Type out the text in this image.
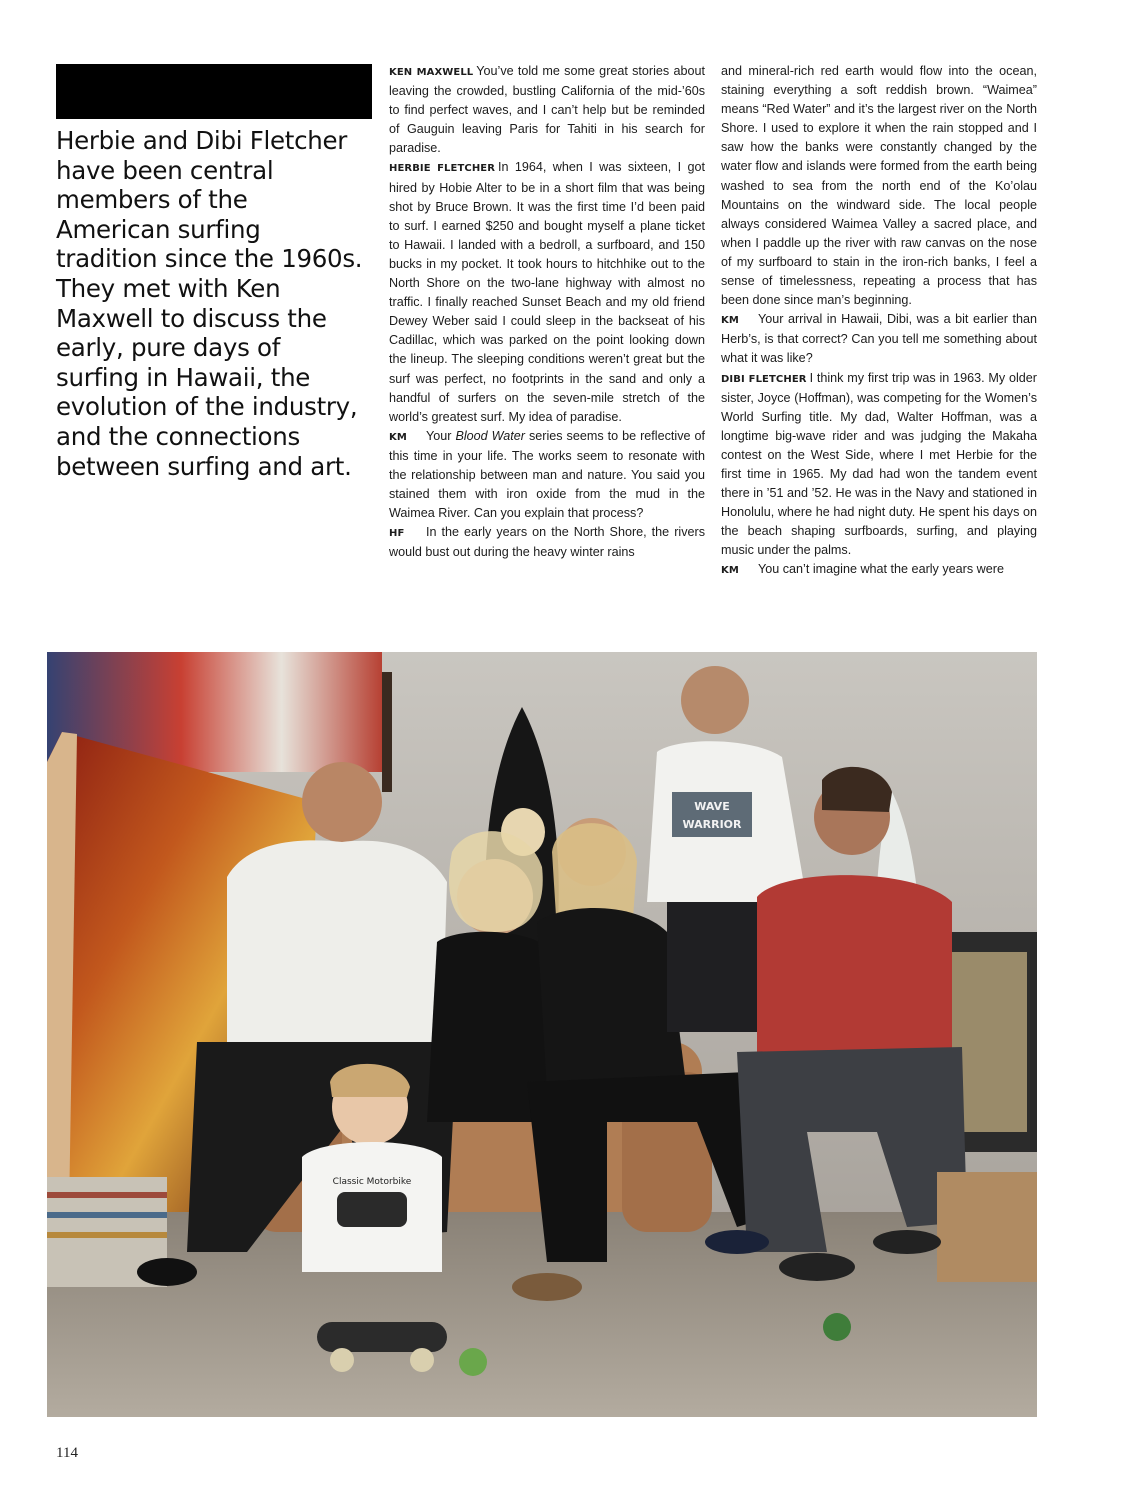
Herbie and Dibi Fletcher have been central members of the American surfing tradition since the 1960s. They met with Ken Maxwell to discuss the early, pure days of surfing in Hawaii, the evolution of the industry, and the connections between surfing and art.

KEN MAXWELL You’ve told me some great stories about leaving the crowded, bustling California of the mid-’60s to find perfect waves, and I can’t help but be reminded of Gauguin leaving Paris for Tahiti in his search for paradise.

HERBIE FLETCHER In 1964, when I was sixteen, I got hired by Hobie Alter to be in a short film that was being shot by Bruce Brown. It was the first time I’d been paid to surf. I earned $250 and bought myself a plane ticket to Hawaii. I landed with a bedroll, a surfboard, and 150 bucks in my pocket. It took hours to hitchhike out to the North Shore on the two-lane highway with almost no traffic. I finally reached Sunset Beach and my old friend Dewey Weber said I could sleep in the backseat of his Cadillac, which was parked on the point looking down the lineup. The sleeping conditions weren’t great but the surf was perfect, no footprints in the sand and only a handful of surfers on the seven-mile stretch of the world’s greatest surf. My idea of paradise.

KM Your Blood Water series seems to be reflective of this time in your life. The works seem to resonate with the relationship between man and nature. You said you stained them with iron oxide from the mud in the Waimea River. Can you explain that process?

HF In the early years on the North Shore, the rivers would bust out during the heavy winter rains

and mineral-rich red earth would flow into the ocean, staining everything a soft reddish brown. “Waimea” means “Red Water” and it’s the largest river on the North Shore. I used to explore it when the rain stopped and I saw how the banks were constantly changed by the water flow and islands were formed from the earth being washed to sea from the north end of the Ko’olau Mountains on the windward side. The local people always considered Waimea Valley a sacred place, and when I paddle up the river with raw canvas on the nose of my surfboard to stain in the iron-rich banks, I feel a sense of timelessness, repeating a process that has been done since man’s beginning.

KM Your arrival in Hawaii, Dibi, was a bit earlier than Herb’s, is that correct? Can you tell me something about what it was like?

DIBI FLETCHER I think my first trip was in 1963. My older sister, Joyce (Hoffman), was competing for the Women’s World Surfing title. My dad, Walter Hoffman, was a longtime big-wave rider and was judging the Makaha contest on the West Side, where I met Herbie for the first time in 1965. My dad had won the tandem event there in ’51 and ’52. He was in the Navy and stationed in Honolulu, where he had night duty. He spent his days on the beach shaping surfboards, surfing, and playing music under the palms.

KM You can’t imagine what the early years were

WAVE
WARRIOR
Classic Motorbike
114
